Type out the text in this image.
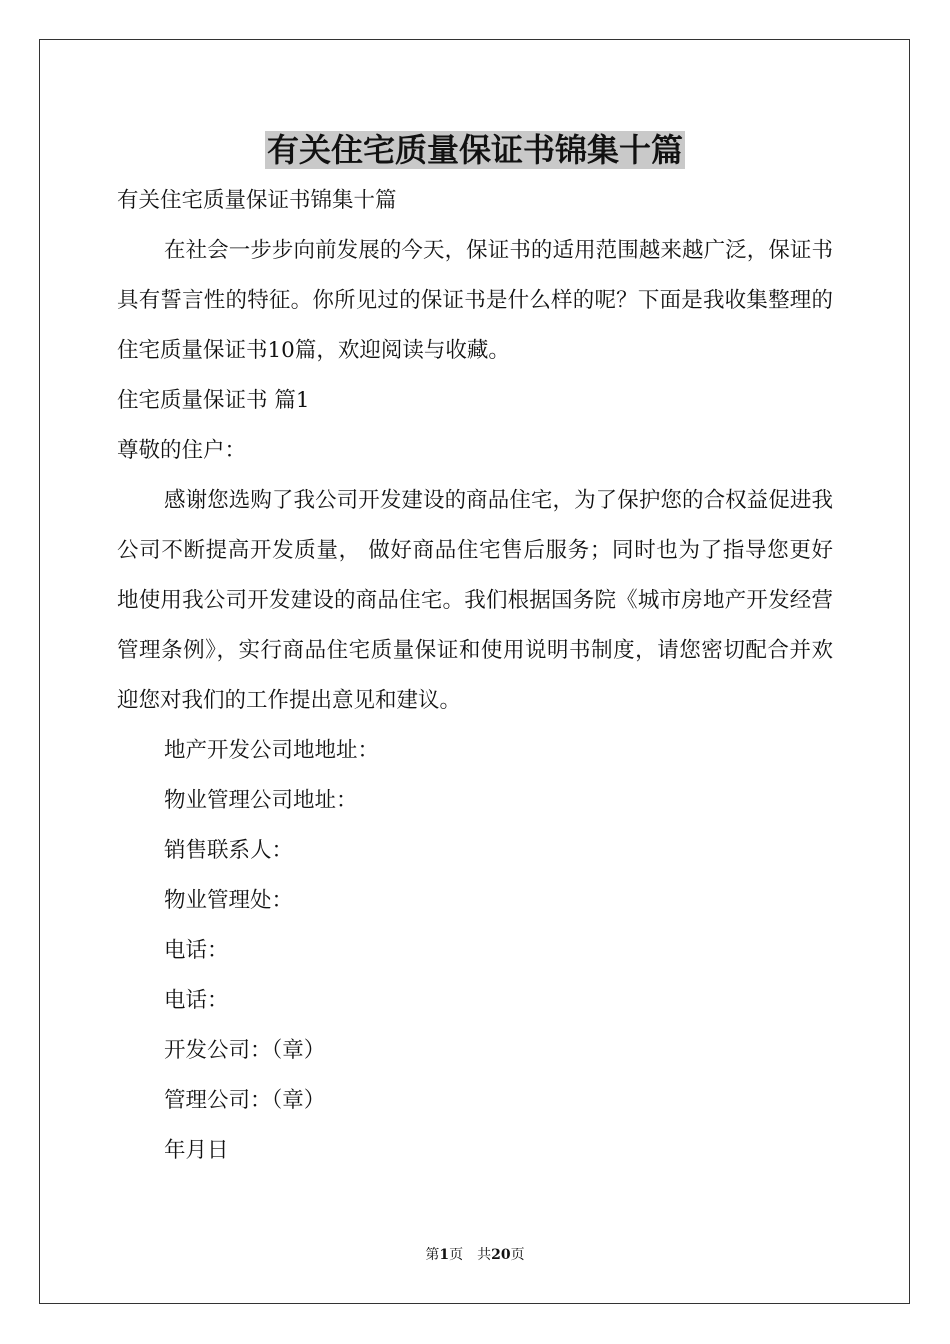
有关住宅质量保证书锦集十篇

有关住宅质量保证书锦集十篇

在社会一步步向前发展的今天，保证书的适用范围越来越广泛，保证书具有誓言性的特征。你所见过的保证书是什么样的呢？下面是我收集整理的住宅质量保证书10篇，欢迎阅读与收藏。

住宅质量保证书 篇1

尊敬的住户：

感谢您选购了我公司开发建设的商品住宅，为了保护您的合权益促进我公司不断提高开发质量， 做好商品住宅售后服务；同时也为了指导您更好地使用我公司开发建设的商品住宅。我们根据国务院《城市房地产开发经营管理条例》，实行商品住宅质量保证和使用说明书制度，请您密切配合并欢迎您对我们的工作提出意见和建议。

地产开发公司地地址：

物业管理公司地址：

销售联系人：

物业管理处：

电话：

电话：

开发公司：（章）

管理公司：（章）

年月日

第1页　共20页
